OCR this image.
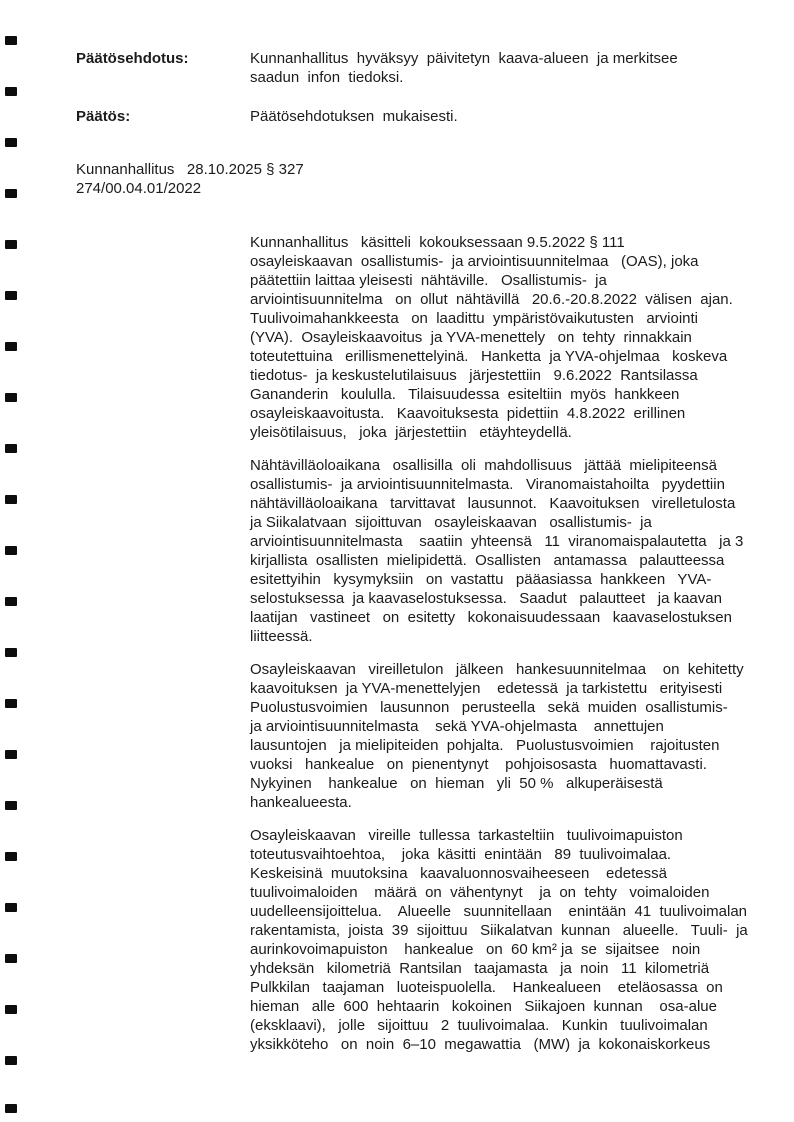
Päätösehdotus:	Kunnanhallitus  hyväksyy  päivitetyn  kaava-alueen  ja merkitsee
saadun  infon  tiedoksi.
Päätös:	Päätösehdotuksen  mukaisesti.
Kunnanhallitus   28.10.2025 § 327
274/00.04.01/2022
Kunnanhallitus   käsitteli  kokouksessaan 9.5.2022 § 111
osayleiskaavan  osallistumis-  ja arviointisuunnitelmaa   (OAS), joka
päätettiin laittaa yleisesti  nähtäville.   Osallistumis-  ja
arviointisuunnitelma   on  ollut  nähtävillä   20.6.-20.8.2022  välisen  ajan.
Tuulivoimahankkeesta   on  laadittu  ympäristövaikutusten   arviointi
(YVA).  Osayleiskaavoitus  ja YVA-menettely   on  tehty  rinnakkain
toteutettuina   erillismenettelyinä.   Hanketta  ja YVA-ohjelmaa   koskeva
tiedotus-  ja keskustelutilaisuus   järjestettiin   9.6.2022  Rantsilassa
Gananderin   koululla.   Tilaisuudessa  esiteltiin  myös  hankkeen
osayleiskaavoitusta.   Kaavoituksesta  pidettiin  4.8.2022  erillinen
yleisötilaisuus,   joka  järjestettiin   etäyhteydellä.
Nähtävilläoloaikana   osallisilla  oli  mahdollisuus   jättää  mielipiteensä
osallistumis-  ja arviointisuunnitelmasta.   Viranomaistahoilta   pyydettiin
nähtävilläoloaikana   tarvittavat   lausunnot.   Kaavoituksen   virelletulosta
ja Siikalatvaan  sijoittuvan   osayleiskaavan   osallistumis-  ja
arviointisuunnitelmasta    saatiin  yhteensä   11  viranomaispalautetta   ja 3
kirjallista  osallisten  mielipidettä.  Osallisten   antamassa   palautteessa
esitettyihin   kysymyksiin   on  vastattu   pääasiassa  hankkeen   YVA-
selostuksessa  ja kaavaselostuksessa.   Saadut   palautteet   ja kaavan
laatijan   vastineet   on  esitetty   kokonaisuudessaan   kaavaselostuksen
liitteessä.
Osayleiskaavan   vireilletulon   jälkeen   hankesuunnitelmaa    on  kehitetty
kaavoituksen  ja YVA-menettelyjen    edetessä  ja tarkistettu   erityisesti
Puolustusvoimien   lausunnon   perusteella   sekä  muiden  osallistumis-
ja arviointisuunnitelmasta    sekä YVA-ohjelmasta    annettujen
lausuntojen   ja mielipiteiden  pohjalta.   Puolustusvoimien    rajoitusten
vuoksi   hankealue   on  pienentynyt    pohjoisosasta   huomattavasti.
Nykyinen    hankealue   on  hieman   yli  50 %   alkuperäisestä
hankealueesta.
Osayleiskaavan   vireille  tullessa  tarkasteltiin   tuulivoimapuiston
toteutusvaihtoehtoa,    joka  käsitti  enintään   89  tuulivoimalaa.
Keskeisinä  muutoksina   kaavaluonnosvaiheeseen    edetessä
tuulivoimaloiden    määrä  on  vähentynyt    ja  on  tehty   voimaloiden
uudelleensijoittelua.    Alueelle   suunnitellaan    enintään  41  tuulivoimalan
rakentamista,  joista  39  sijoittuu   Siikalatvan  kunnan   alueelle.   Tuuli-  ja
aurinkovoimapuiston    hankealue   on  60 km² ja  se  sijaitsee   noin
yhdeksän   kilometriä  Rantsilan   taajamasta   ja  noin   11  kilometriä
Pulkkilan   taajaman   luoteispuolella.    Hankealueen    eteläosassa  on
hieman   alle  600  hehtaarin   kokoinen   Siikajoen  kunnan    osa-alue
(eksklaavi),   jolle   sijoittuu   2  tuulivoimalaa.   Kunkin   tuulivoimalan
yksikköteho   on  noin  6–10  megawattia   (MW)  ja  kokonaiskorkeus
